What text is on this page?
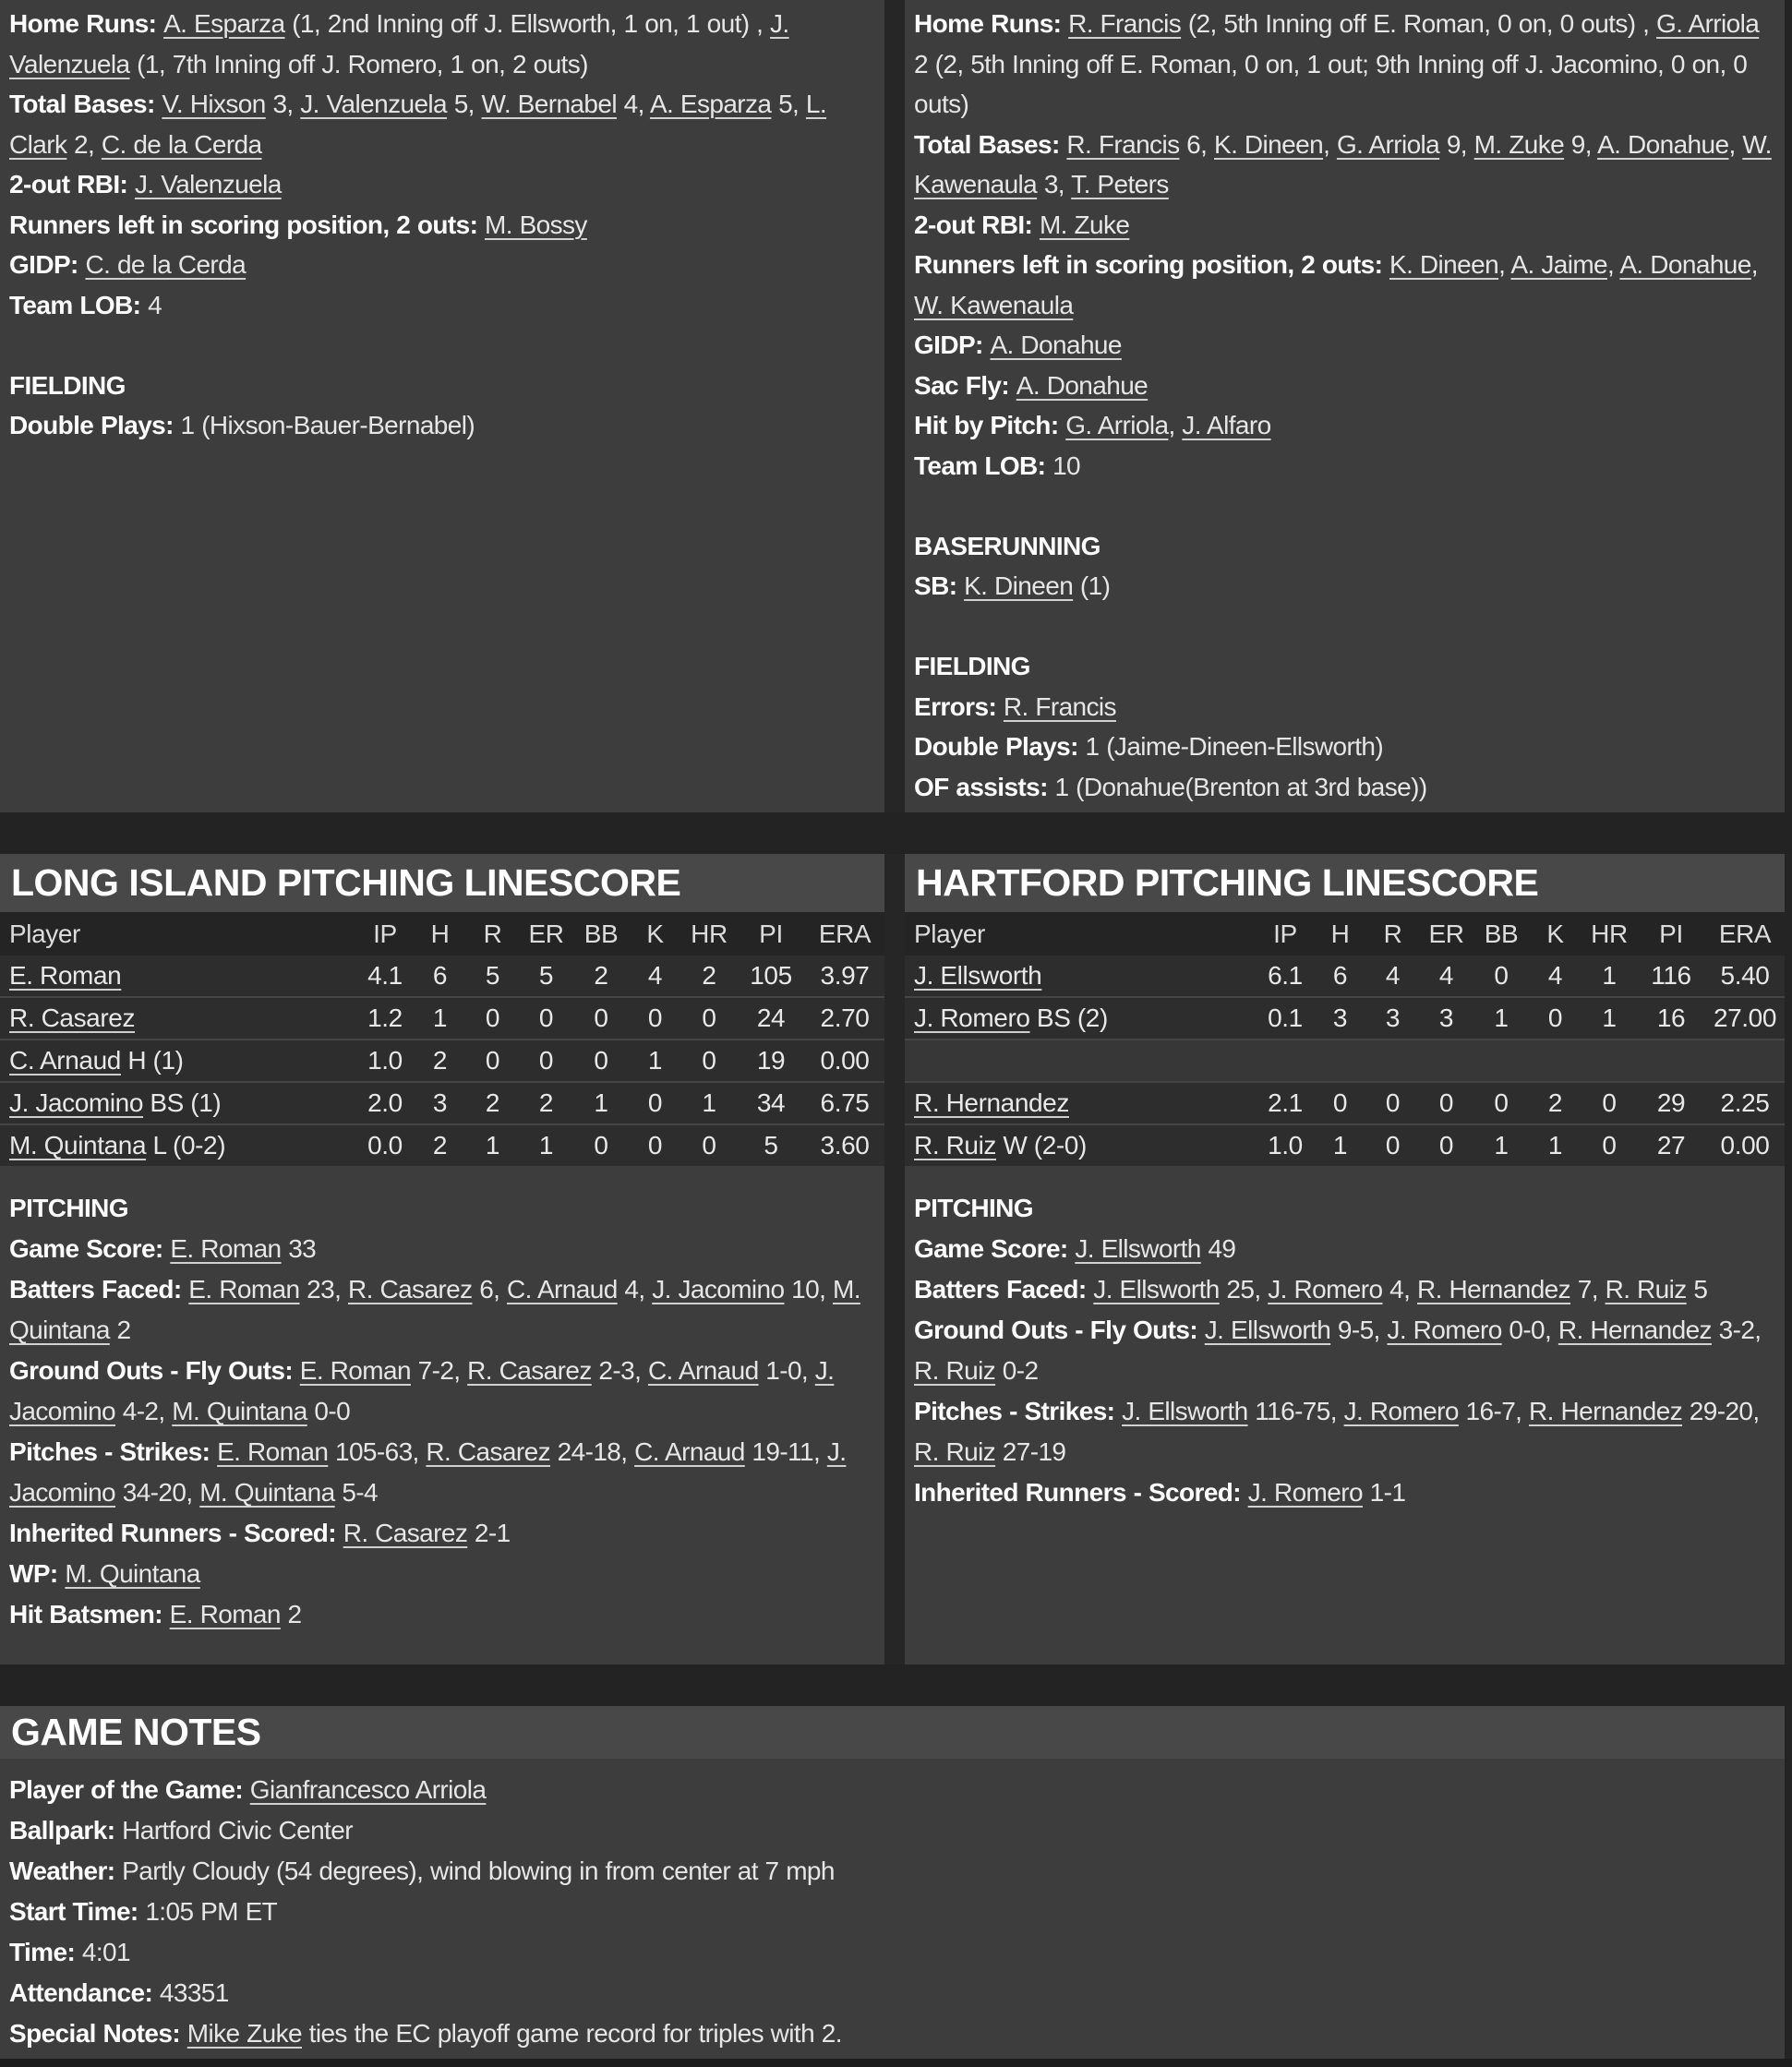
Home Runs: A. Esparza (1, 2nd Inning off J. Ellsworth, 1 on, 1 out) , J. Valenzuela (1, 7th Inning off J. Romero, 1 on, 2 outs)
Total Bases: V. Hixson 3, J. Valenzuela 5, W. Bernabel 4, A. Esparza 5, L. Clark 2, C. de la Cerda
2-out RBI: J. Valenzuela
Runners left in scoring position, 2 outs: M. Bossy
GIDP: C. de la Cerda
Team LOB: 4

FIELDING
Double Plays: 1 (Hixson-Bauer-Bernabel)
Home Runs: R. Francis (2, 5th Inning off E. Roman, 0 on, 0 outs) , G. Arriola 2 (2, 5th Inning off E. Roman, 0 on, 1 out; 9th Inning off J. Jacomino, 0 on, 0 outs)
Total Bases: R. Francis 6, K. Dineen, G. Arriola 9, M. Zuke 9, A. Donahue, W. Kawenaula 3, T. Peters
2-out RBI: M. Zuke
Runners left in scoring position, 2 outs: K. Dineen, A. Jaime, A. Donahue, W. Kawenaula
GIDP: A. Donahue
Sac Fly: A. Donahue
Hit by Pitch: G. Arriola, J. Alfaro
Team LOB: 10

BASERUNNING
SB: K. Dineen (1)

FIELDING
Errors: R. Francis
Double Plays: 1 (Jaime-Dineen-Ellsworth)
OF assists: 1 (Donahue(Brenton at 3rd base))
LONG ISLAND PITCHING LINESCORE
Player	IP	H	R	ER BB	K	HR	PI	ERA
E. Roman	4.1	6	5	5	2	4	2	105	3.97
R. Casarez	1.2	1	0	0	0	0	0	24	2.70
C. Arnaud H (1)	1.0	2	0	0	0	1	0	19	0.00
J. Jacomino BS (1)	2.0	3	2	2	1	0	1	34	6.75
M. Quintana L (0-2)	0.0	2	1	1	0	0	0	5	3.60
PITCHING
Game Score: E. Roman 33
Batters Faced: E. Roman 23, R. Casarez 6, C. Arnaud 4, J. Jacomino 10, M. Quintana 2
Ground Outs - Fly Outs: E. Roman 7-2, R. Casarez 2-3, C. Arnaud 1-0, J. Jacomino 4-2, M. Quintana 0-0
Pitches - Strikes: E. Roman 105-63, R. Casarez 24-18, C. Arnaud 19-11, J. Jacomino 34-20, M. Quintana 5-4
Inherited Runners - Scored: R. Casarez 2-1
WP: M. Quintana
Hit Batsmen: E. Roman 2
HARTFORD PITCHING LINESCORE
Player	IP	H	R	ER BB	K	HR	PI	ERA
J. Ellsworth	6.1	6	4	4	0	4	1	116	5.40
J. Romero BS (2)	0.1	3	3	3	1	0	1	16	27.00
R. Hernandez	2.1	0	0	0	0	2	0	29	2.25
R. Ruiz W (2-0)	1.0	1	0	0	1	1	0	27	0.00
PITCHING
Game Score: J. Ellsworth 49
Batters Faced: J. Ellsworth 25, J. Romero 4, R. Hernandez 7, R. Ruiz 5
Ground Outs - Fly Outs: J. Ellsworth 9-5, J. Romero 0-0, R. Hernandez 3-2, R. Ruiz 0-2
Pitches - Strikes: J. Ellsworth 116-75, J. Romero 16-7, R. Hernandez 29-20, R. Ruiz 27-19
Inherited Runners - Scored: J. Romero 1-1
GAME NOTES
Player of the Game: Gianfrancesco Arriola
Ballpark: Hartford Civic Center
Weather: Partly Cloudy (54 degrees), wind blowing in from center at 7 mph
Start Time: 1:05 PM ET
Time: 4:01
Attendance: 43351
Special Notes: Mike Zuke ties the EC playoff game record for triples with 2.
